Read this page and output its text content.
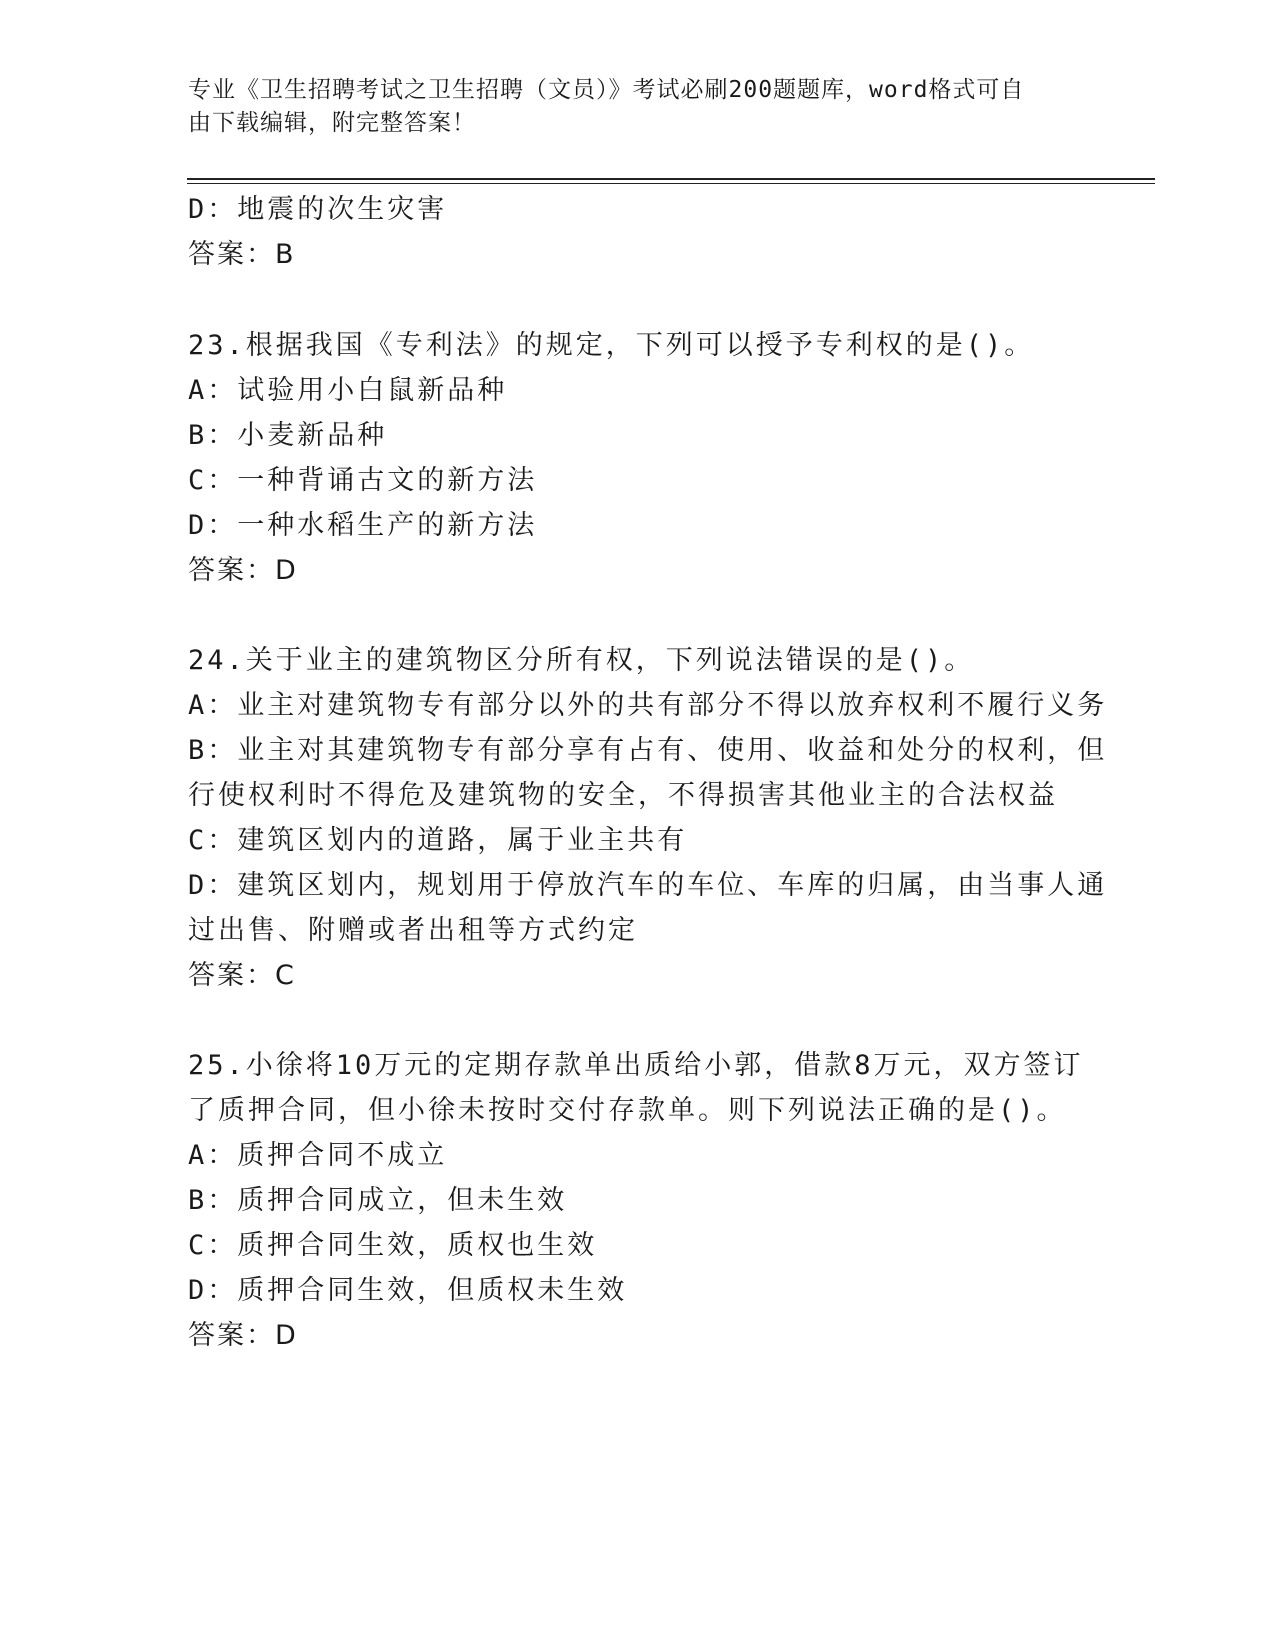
专业《卫生招聘考试之卫生招聘（文员）》考试必刷200题题库，word格式可自
由下载编辑，附完整答案！
D：地震的次生灾害
答案：B
23.根据我国《专利法》的规定，下列可以授予专利权的是()。
A：试验用小白鼠新品种
B：小麦新品种
C：一种背诵古文的新方法
D：一种水稻生产的新方法
答案：D
24.关于业主的建筑物区分所有权，下列说法错误的是()。
A：业主对建筑物专有部分以外的共有部分不得以放弃权利不履行义务
B：业主对其建筑物专有部分享有占有、使用、收益和处分的权利，但
行使权利时不得危及建筑物的安全，不得损害其他业主的合法权益
C：建筑区划内的道路，属于业主共有
D：建筑区划内，规划用于停放汽车的车位、车库的归属，由当事人通
过出售、附赠或者出租等方式约定
答案：C
25.小徐将10万元的定期存款单出质给小郭，借款8万元，双方签订
了质押合同，但小徐未按时交付存款单。则下列说法正确的是()。
A：质押合同不成立
B：质押合同成立，但未生效
C：质押合同生效，质权也生效
D：质押合同生效，但质权未生效
答案：D
